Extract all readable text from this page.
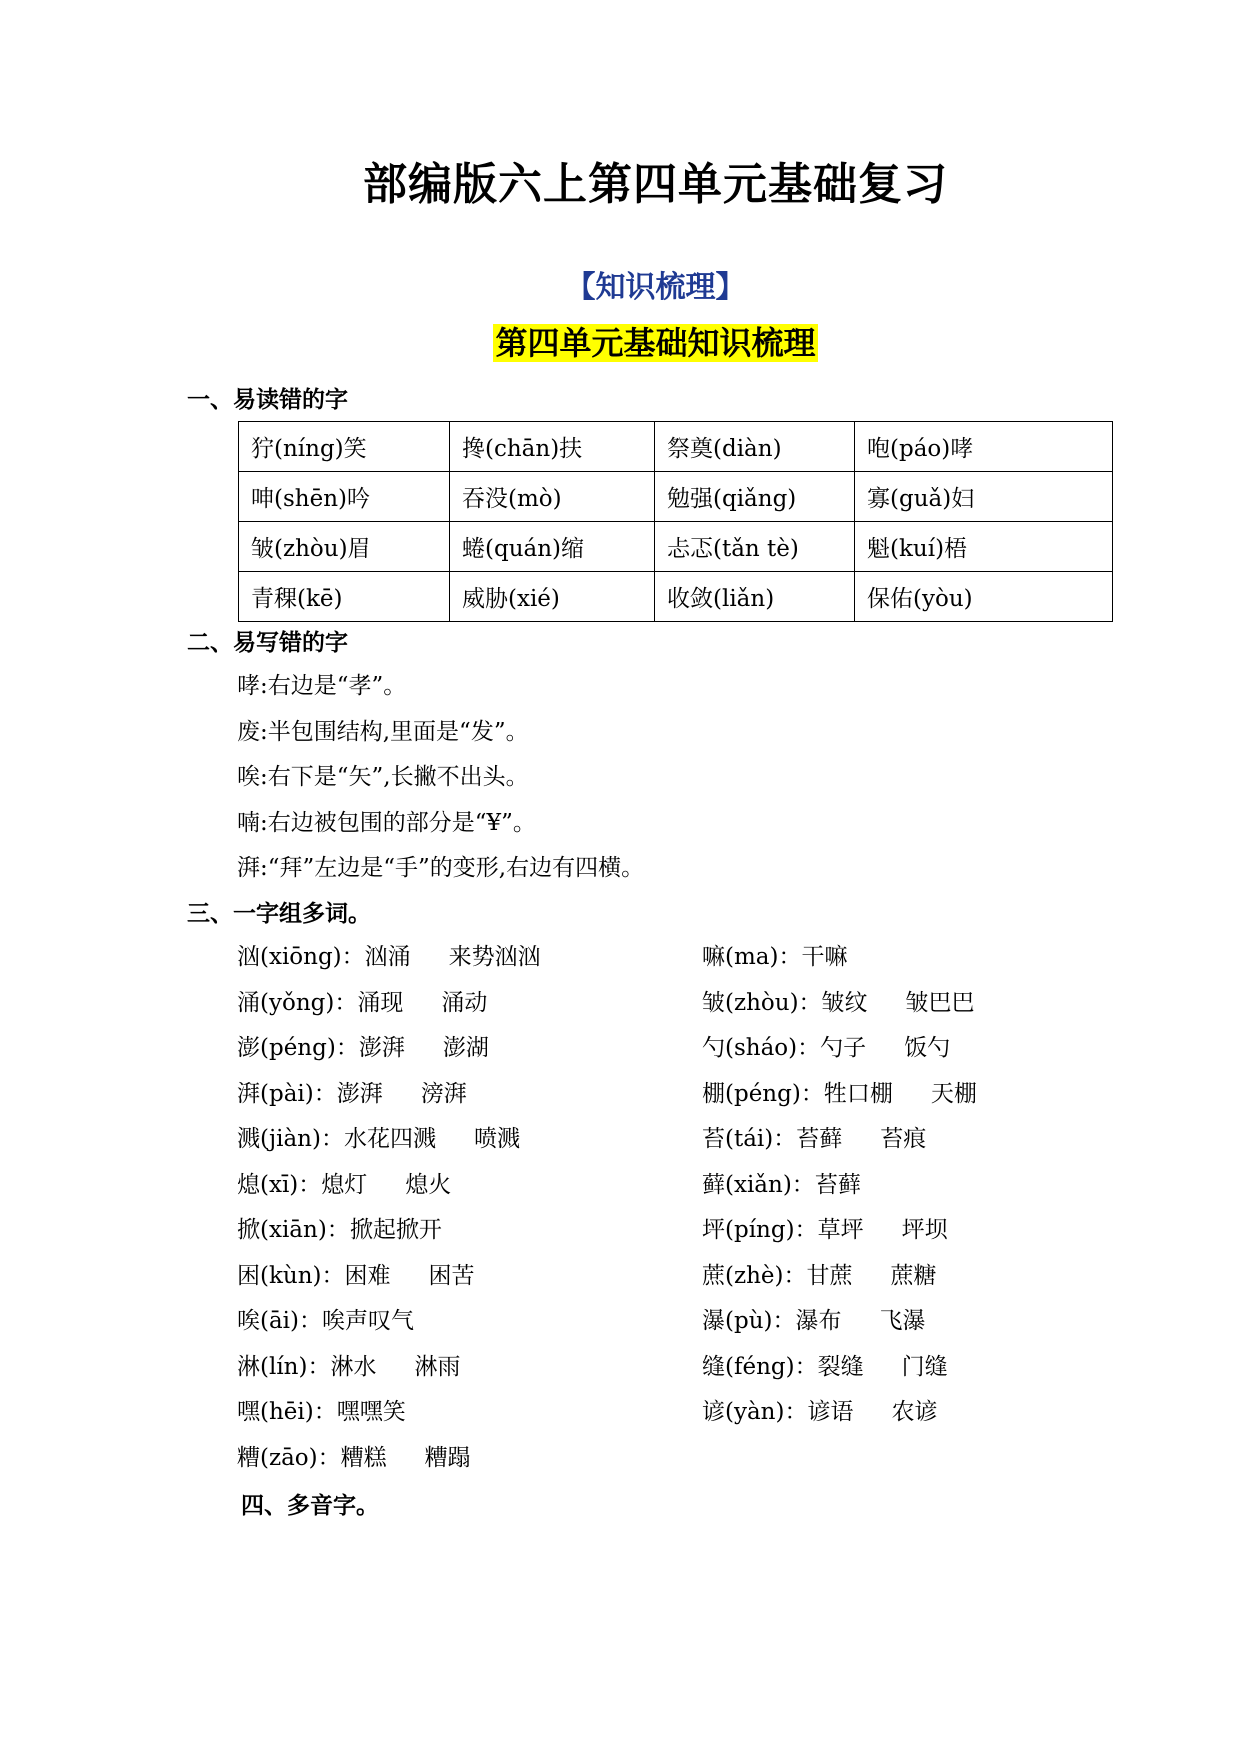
部编版六上第四单元基础复习
【知识梳理】
第四单元基础知识梳理
一、易读错的字
狞(níng)笑	搀(chān)扶	祭奠(diàn)	咆(páo)哮
呻(shēn)吟	吞没(mò)	勉强(qiǎng)	寡(guǎ)妇
皱(zhòu)眉	蜷(quán)缩	忐忑(tǎn tè)	魁(kuí)梧
青稞(kē)	威胁(xié)	收敛(liǎn)	保佑(yòu)
二、易写错的字
哮:右边是“孝”。
废:半包围结构,里面是“发”。
唉:右下是“矢”,长撇不出头。
喃:右边被包围的部分是“¥”。
湃:“拜”左边是“手”的变形,右边有四横。
三、一字组多词。
汹(xiōng)：汹涌 来势汹汹
涌(yǒng)：涌现 涌动
澎(péng)：澎湃 澎湖
湃(pài)：澎湃 滂湃
溅(jiàn)：水花四溅 喷溅
熄(xī)：熄灯 熄火
掀(xiān)：掀起掀开
困(kùn)：困难 困苦
唉(āi)：唉声叹气
淋(lín)：淋水 淋雨
嘿(hēi)：嘿嘿笑
糟(zāo)：糟糕 糟蹋
嘛(ma)：干嘛
皱(zhòu)：皱纹 皱巴巴
勺(sháo)：勺子 饭勺
棚(péng)：牲口棚 天棚
苔(tái)：苔藓 苔痕
藓(xiǎn)：苔藓
坪(píng)：草坪 坪坝
蔗(zhè)：甘蔗 蔗糖
瀑(pù)：瀑布 飞瀑
缝(féng)：裂缝 门缝
谚(yàn)：谚语 农谚
四、多音字。
